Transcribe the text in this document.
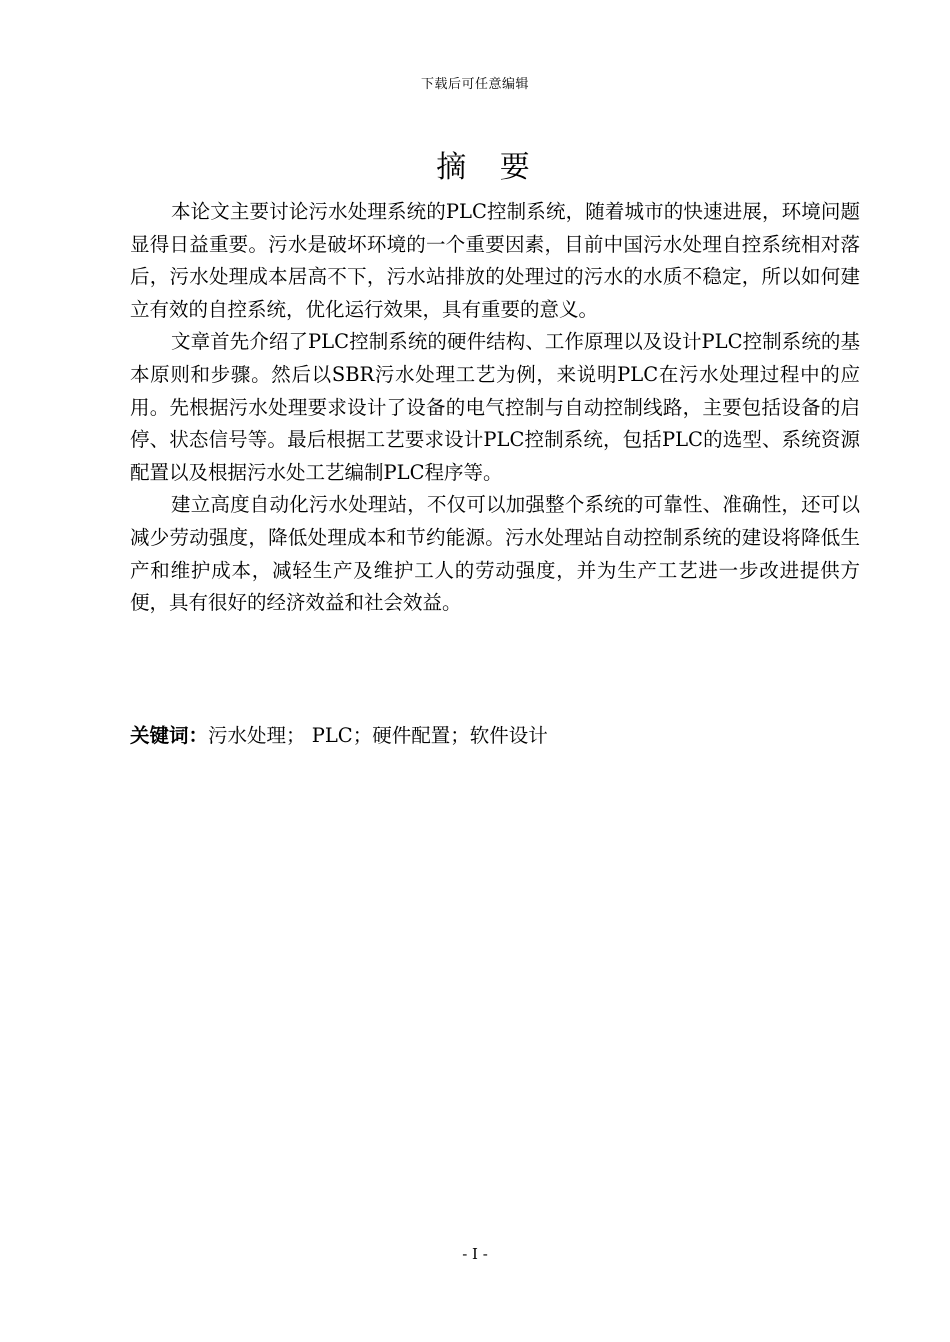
下载后可任意编辑
摘 要

本论文主要讨论污水处理系统的PLC控制系统，随着城市的快速进展，环境问题显得日益重要。污水是破坏环境的一个重要因素，目前中国污水处理自控系统相对落后，污水处理成本居高不下，污水站排放的处理过的污水的水质不稳定，所以如何建立有效的自控系统，优化运行效果，具有重要的意义。

文章首先介绍了PLC控制系统的硬件结构、工作原理以及设计PLC控制系统的基本原则和步骤。然后以SBR污水处理工艺为例，来说明PLC在污水处理过程中的应用。先根据污水处理要求设计了设备的电气控制与自动控制线路，主要包括设备的启停、状态信号等。最后根据工艺要求设计PLC控制系统，包括PLC的选型、系统资源配置以及根据污水处工艺编制PLC程序等。

建立高度自动化污水处理站，不仅可以加强整个系统的可靠性、准确性，还可以减少劳动强度，降低处理成本和节约能源。污水处理站自动控制系统的建设将降低生产和维护成本，减轻生产及维护工人的劳动强度，并为生产工艺进一步改进提供方便，具有很好的经济效益和社会效益。

关键词：污水处理； PLC；硬件配置；软件设计
- I -
